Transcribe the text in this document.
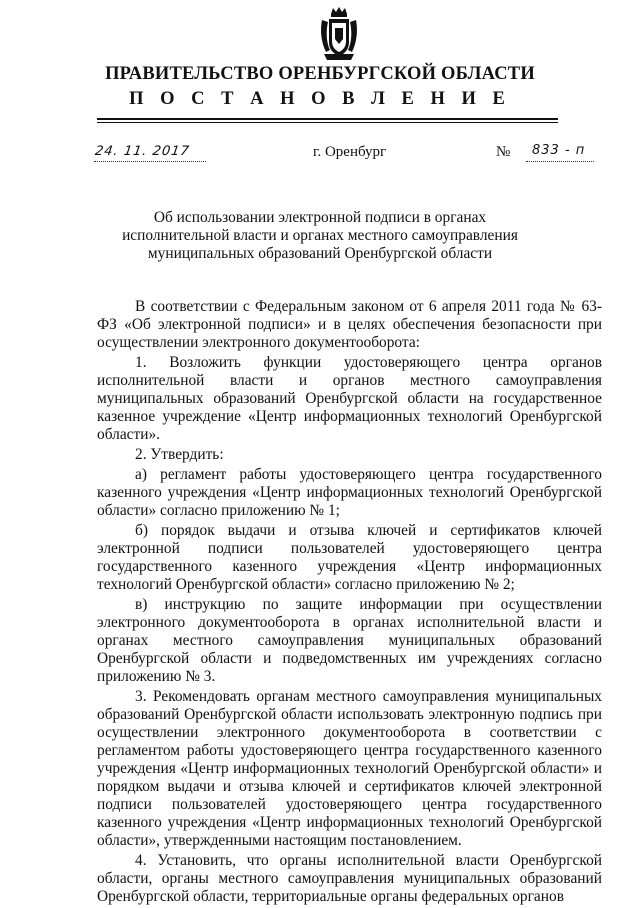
ПРАВИТЕЛЬСТВО ОРЕНБУРГСКОЙ ОБЛАСТИ
П О С Т А Н О В Л Е Н И Е
24. 11. 2017	г. Оренбург	№ 833 - п
Об использовании электронной подписи в органах
исполнительной власти и органах местного самоуправления
муниципальных образований Оренбургской области

В соответствии с Федеральным законом от 6 апреля 2011 года № 63-ФЗ «Об электронной подписи» и в целях обеспечения безопасности при осуществлении электронного документооборота:

1. Возложить функции удостоверяющего центра органов исполнительной власти и органов местного самоуправления муниципальных образований Оренбургской области на государственное казенное учреждение «Центр информационных технологий Оренбургской области».

2. Утвердить:

а) регламент работы удостоверяющего центра государственного казенного учреждения «Центр информационных технологий Оренбургской области» согласно приложению № 1;

б) порядок выдачи и отзыва ключей и сертификатов ключей электронной подписи пользователей удостоверяющего центра государственного казенного учреждения «Центр информационных технологий Оренбургской области» согласно приложению № 2;

в) инструкцию по защите информации при осуществлении электронного документооборота в органах исполнительной власти и органах местного самоуправления муниципальных образований Оренбургской области и подведомственных им учреждениях согласно приложению № 3.

3. Рекомендовать органам местного самоуправления муниципальных образований Оренбургской области использовать электронную подпись при осуществлении электронного документооборота в соответствии с регламентом работы удостоверяющего центра государственного казенного учреждения «Центр информационных технологий Оренбургской области» и порядком выдачи и отзыва ключей и сертификатов ключей электронной подписи пользователей удостоверяющего центра государственного казенного учреждения «Центр информационных технологий Оренбургской области», утвержденными настоящим постановлением.

4. Установить, что органы исполнительной власти Оренбургской области, органы местного самоуправления муниципальных образований Оренбургской области, территориальные органы федеральных органов
